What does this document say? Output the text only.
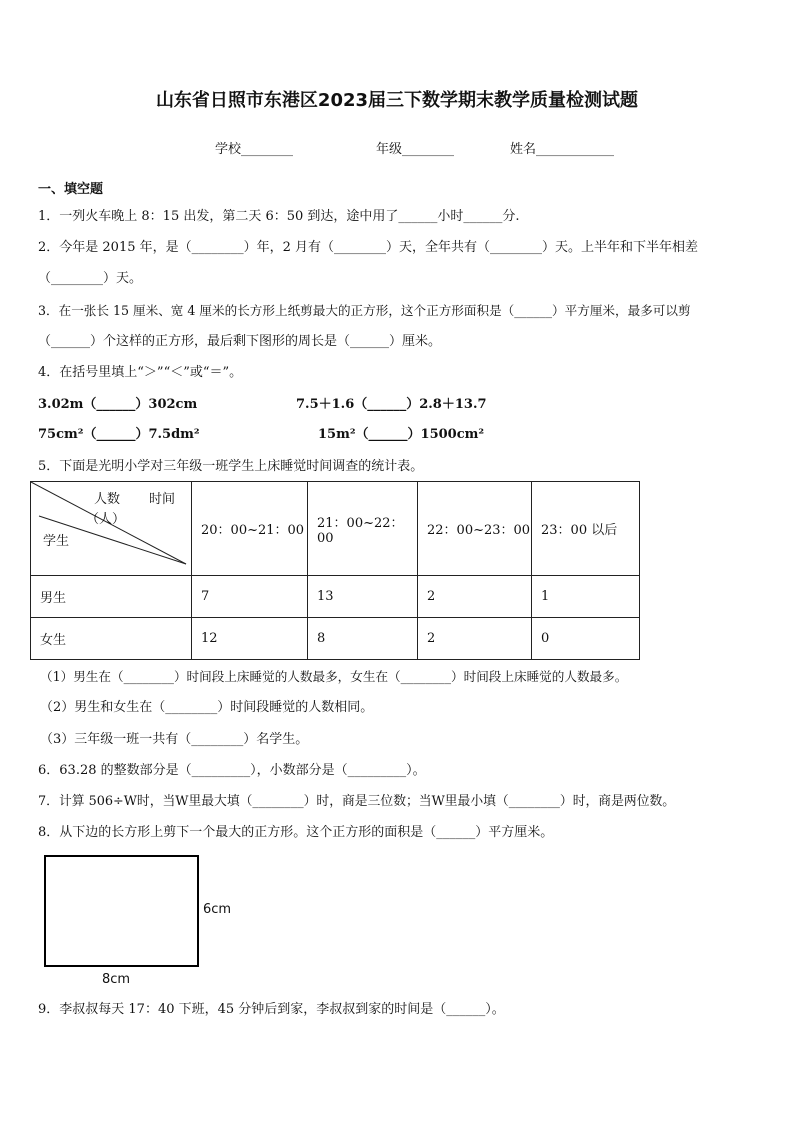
山东省日照市东港区2023届三下数学期末教学质量检测试题
学校________	年级________	姓名____________
一、填空题
1．一列火车晚上 8：15 出发，第二天 6：50 到达，途中用了______小时______分.
2．今年是 2015 年，是（________）年，2 月有（________）天，全年共有（________）天。上半年和下半年相差
（________）天。
3．在一张长 15 厘米、宽 4 厘米的长方形上纸剪最大的正方形，这个正方形面积是（______）平方厘米，最多可以剪
（______）个这样的正方形，最后剩下图形的周长是（______）厘米。
4．在括号里填上“＞”“＜”或“＝”。
3.02m（______）302cm	7.5＋1.6（______）2.8＋13.7
75cm²（______）7.5dm²	15m²（______）1500cm²
5．下面是光明小学对三年级一班学生上床睡觉时间调查的统计表。
时间
人数
（人）
学生	20：00~21：00	21：00~22：00	22：00~23：00	23：00 以后
男生	7	13	2	1
女生	12	8	2	0
（1）男生在（________）时间段上床睡觉的人数最多，女生在（________）时间段上床睡觉的人数最多。
（2）男生和女生在（________）时间段睡觉的人数相同。
（3）三年级一班一共有（________）名学生。
6．63.28 的整数部分是（_________），小数部分是（_________）。
7．计算 506÷W时，当W里最大填（________）时，商是三位数；当W里最小填（________）时，商是两位数。
8．从下边的长方形上剪下一个最大的正方形。这个正方形的面积是（______）平方厘米。
6cm
8cm
9．李叔叔每天 17：40 下班，45 分钟后到家，李叔叔到家的时间是（______）。
